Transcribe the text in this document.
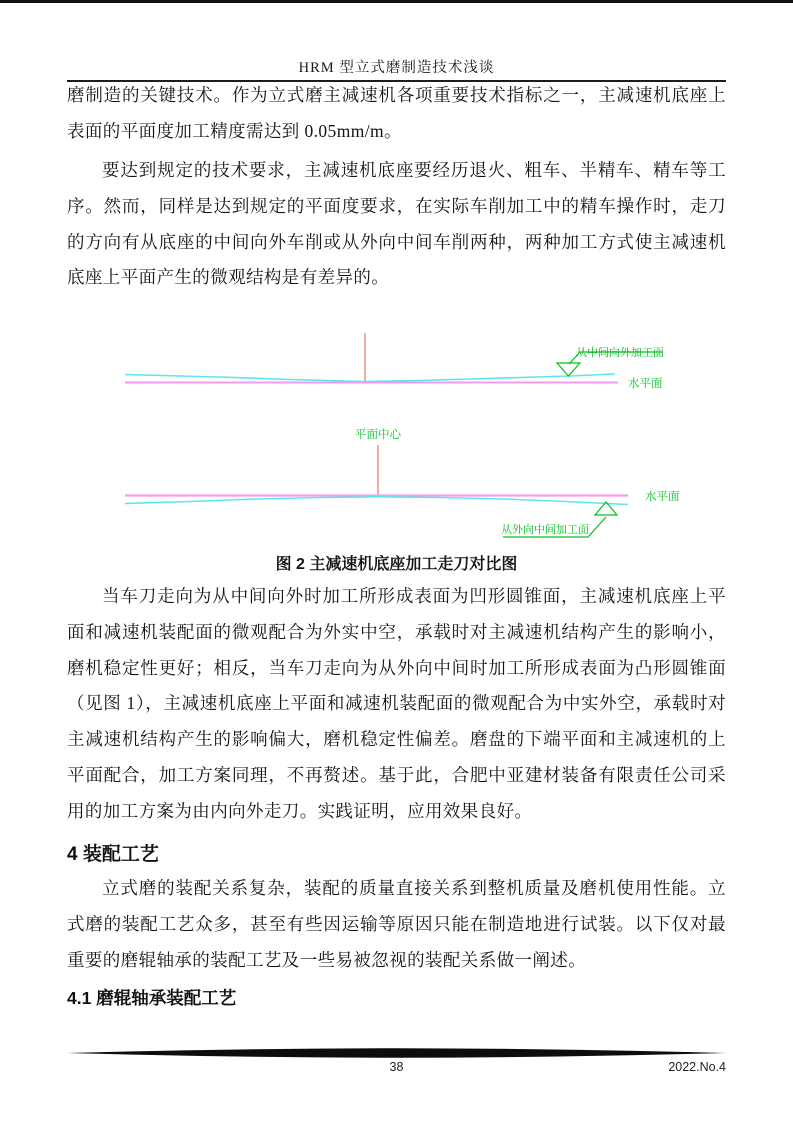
HRM 型立式磨制造技术浅谈
磨制造的关键技术。作为立式磨主减速机各项重要技术指标之一，主减速机底座上表面的平面度加工精度需达到 0.05mm/m。
要达到规定的技术要求，主减速机底座要经历退火、粗车、半精车、精车等工序。然而，同样是达到规定的平面度要求，在实际车削加工中的精车操作时，走刀的方向有从底座的中间向外车削或从外向中间车削两种，两种加工方式使主减速机底座上平面产生的微观结构是有差异的。
从中间向外加工面
水平面
平面中心
水平面
从外向中间加工面
图 2 主减速机底座加工走刀对比图
当车刀走向为从中间向外时加工所形成表面为凹形圆锥面，主减速机底座上平面和减速机装配面的微观配合为外实中空，承载时对主减速机结构产生的影响小，磨机稳定性更好；相反，当车刀走向为从外向中间时加工所形成表面为凸形圆锥面（见图 1），主减速机底座上平面和减速机装配面的微观配合为中实外空，承载时对主减速机结构产生的影响偏大，磨机稳定性偏差。磨盘的下端平面和主减速机的上平面配合，加工方案同理，不再赘述。基于此，合肥中亚建材装备有限责任公司采用的加工方案为由内向外走刀。实践证明，应用效果良好。
4 装配工艺
立式磨的装配关系复杂，装配的质量直接关系到整机质量及磨机使用性能。立式磨的装配工艺众多，甚至有些因运输等原因只能在制造地进行试装。以下仅对最重要的磨辊轴承的装配工艺及一些易被忽视的装配关系做一阐述。
4.1 磨辊轴承装配工艺
38	2022.No.4
